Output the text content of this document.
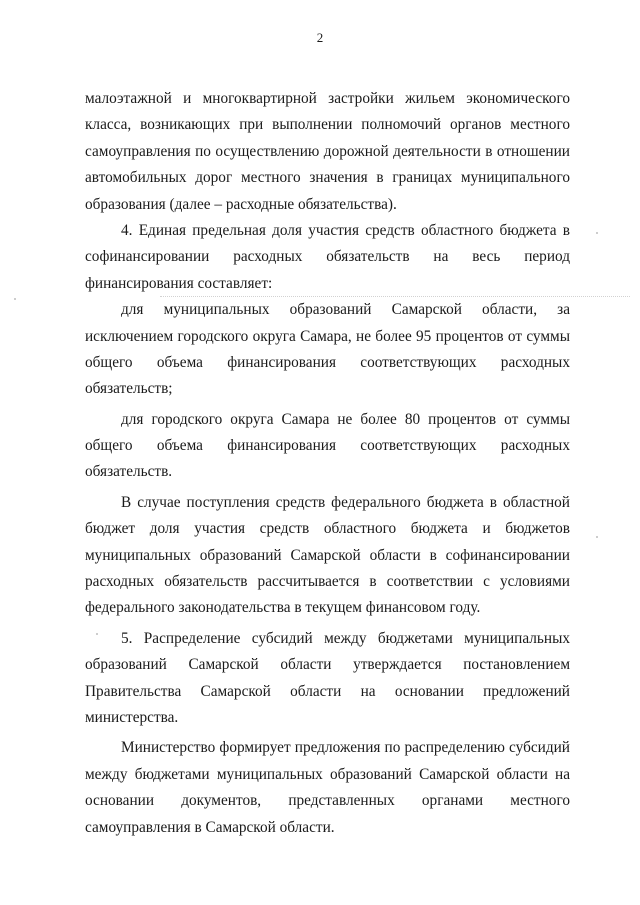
2
малоэтажной и многоквартирной застройки жильем экономического
класса, возникающих при выполнении полномочий органов местного
самоуправления по осуществлению дорожной деятельности в отношении
автомобильных дорог местного значения в границах муниципального
образования (далее – расходные обязательства).
4. Единая предельная доля участия средств областного бюджета в
софинансировании расходных обязательств на весь период
финансирования составляет:
для муниципальных образований Самарской области, за
исключением городского округа Самара, не более 95 процентов от суммы
общего объема финансирования соответствующих расходных
обязательств;
для городского округа Самара не более 80 процентов от суммы
общего объема финансирования соответствующих расходных
обязательств.
В случае поступления средств федерального бюджета в областной
бюджет доля участия средств областного бюджета и бюджетов
муниципальных образований Самарской области в софинансировании
расходных обязательств рассчитывается в соответствии с условиями
федерального законодательства в текущем финансовом году.
5. Распределение субсидий между бюджетами муниципальных
образований Самарской области утверждается постановлением
Правительства Самарской области на основании предложений
министерства.
Министерство формирует предложения по распределению субсидий
между бюджетами муниципальных образований Самарской области на
основании документов, представленных органами местного
самоуправления в Самарской области.
